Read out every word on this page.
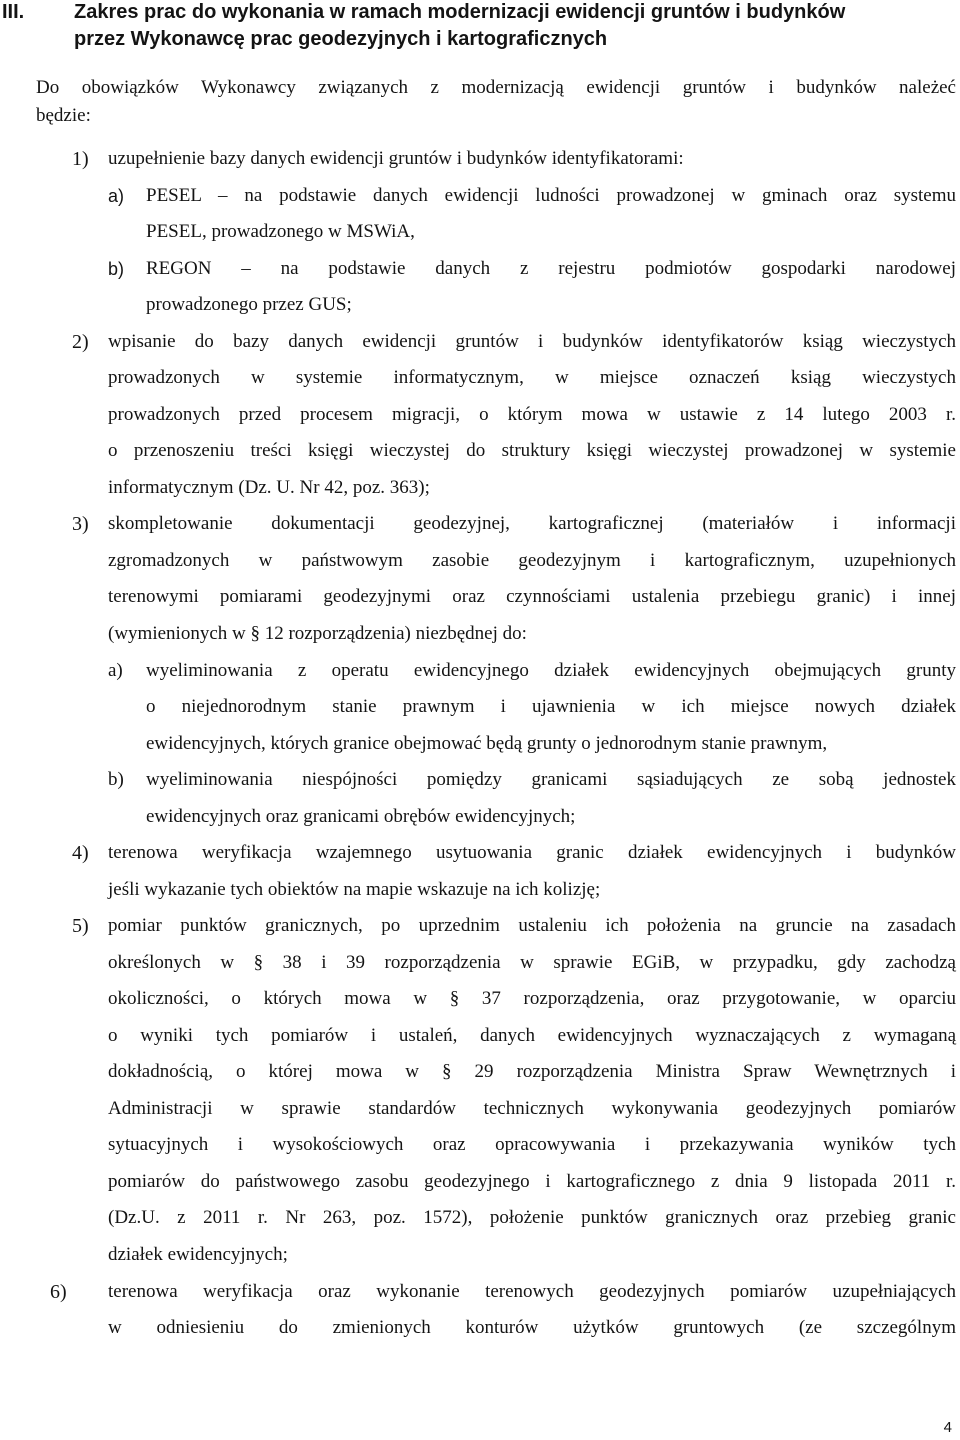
III. Zakres prac do wykonania w ramach modernizacji ewidencji gruntów i budynków
przez Wykonawcę prac geodezyjnych i kartograficznych
Do obowiązków Wykonawcy związanych z modernizacją ewidencji gruntów i budynków należeć
będzie:
1) uzupełnienie bazy danych ewidencji gruntów i budynków identyfikatorami:
a) PESEL – na podstawie danych ewidencji ludności prowadzonej w gminach oraz systemu
PESEL, prowadzonego w MSWiA,
b) REGON – na podstawie danych z rejestru podmiotów gospodarki narodowej
prowadzonego przez GUS;
2) wpisanie do bazy danych ewidencji gruntów i budynków identyfikatorów ksiąg wieczystych
prowadzonych w systemie informatycznym, w miejsce oznaczeń ksiąg wieczystych
prowadzonych przed procesem migracji, o którym mowa w ustawie z 14 lutego 2003 r.
o przenoszeniu treści księgi wieczystej do struktury księgi wieczystej prowadzonej w systemie
informatycznym (Dz. U. Nr 42, poz. 363);
3) skompletowanie dokumentacji geodezyjnej, kartograficznej (materiałów i informacji
zgromadzonych w państwowym zasobie geodezyjnym i kartograficznym, uzupełnionych
terenowymi pomiarami geodezyjnymi oraz czynnościami ustalenia przebiegu granic) i innej
(wymienionych w § 12 rozporządzenia) niezbędnej do:
a) wyeliminowania z operatu ewidencyjnego działek ewidencyjnych obejmujących grunty
o niejednorodnym stanie prawnym i ujawnienia w ich miejsce nowych działek
ewidencyjnych, których granice obejmować będą grunty o jednorodnym stanie prawnym,
b) wyeliminowania niespójności pomiędzy granicami sąsiadujących ze sobą jednostek
ewidencyjnych oraz granicami obrębów ewidencyjnych;
4) terenowa weryfikacja wzajemnego usytuowania granic działek ewidencyjnych i budynków
jeśli wykazanie tych obiektów na mapie wskazuje na ich kolizję;
5) pomiar punktów granicznych, po uprzednim ustaleniu ich położenia na gruncie na zasadach
określonych w § 38 i 39 rozporządzenia w sprawie EGiB, w przypadku, gdy zachodzą
okoliczności, o których mowa w § 37 rozporządzenia, oraz przygotowanie, w oparciu
o wyniki tych pomiarów i ustaleń, danych ewidencyjnych wyznaczających z wymaganą
dokładnością, o której mowa w § 29 rozporządzenia Ministra Spraw Wewnętrznych i
Administracji w sprawie standardów technicznych wykonywania geodezyjnych pomiarów
sytuacyjnych i wysokościowych oraz opracowywania i przekazywania wyników tych
pomiarów do państwowego zasobu geodezyjnego i kartograficznego z dnia 9 listopada 2011 r.
(Dz.U. z 2011 r. Nr 263, poz. 1572), położenie punktów granicznych oraz przebieg granic
działek ewidencyjnych;
6) terenowa weryfikacja oraz wykonanie terenowych geodezyjnych pomiarów uzupełniających
w odniesieniu do zmienionych konturów użytków gruntowych (ze szczególnym
4
